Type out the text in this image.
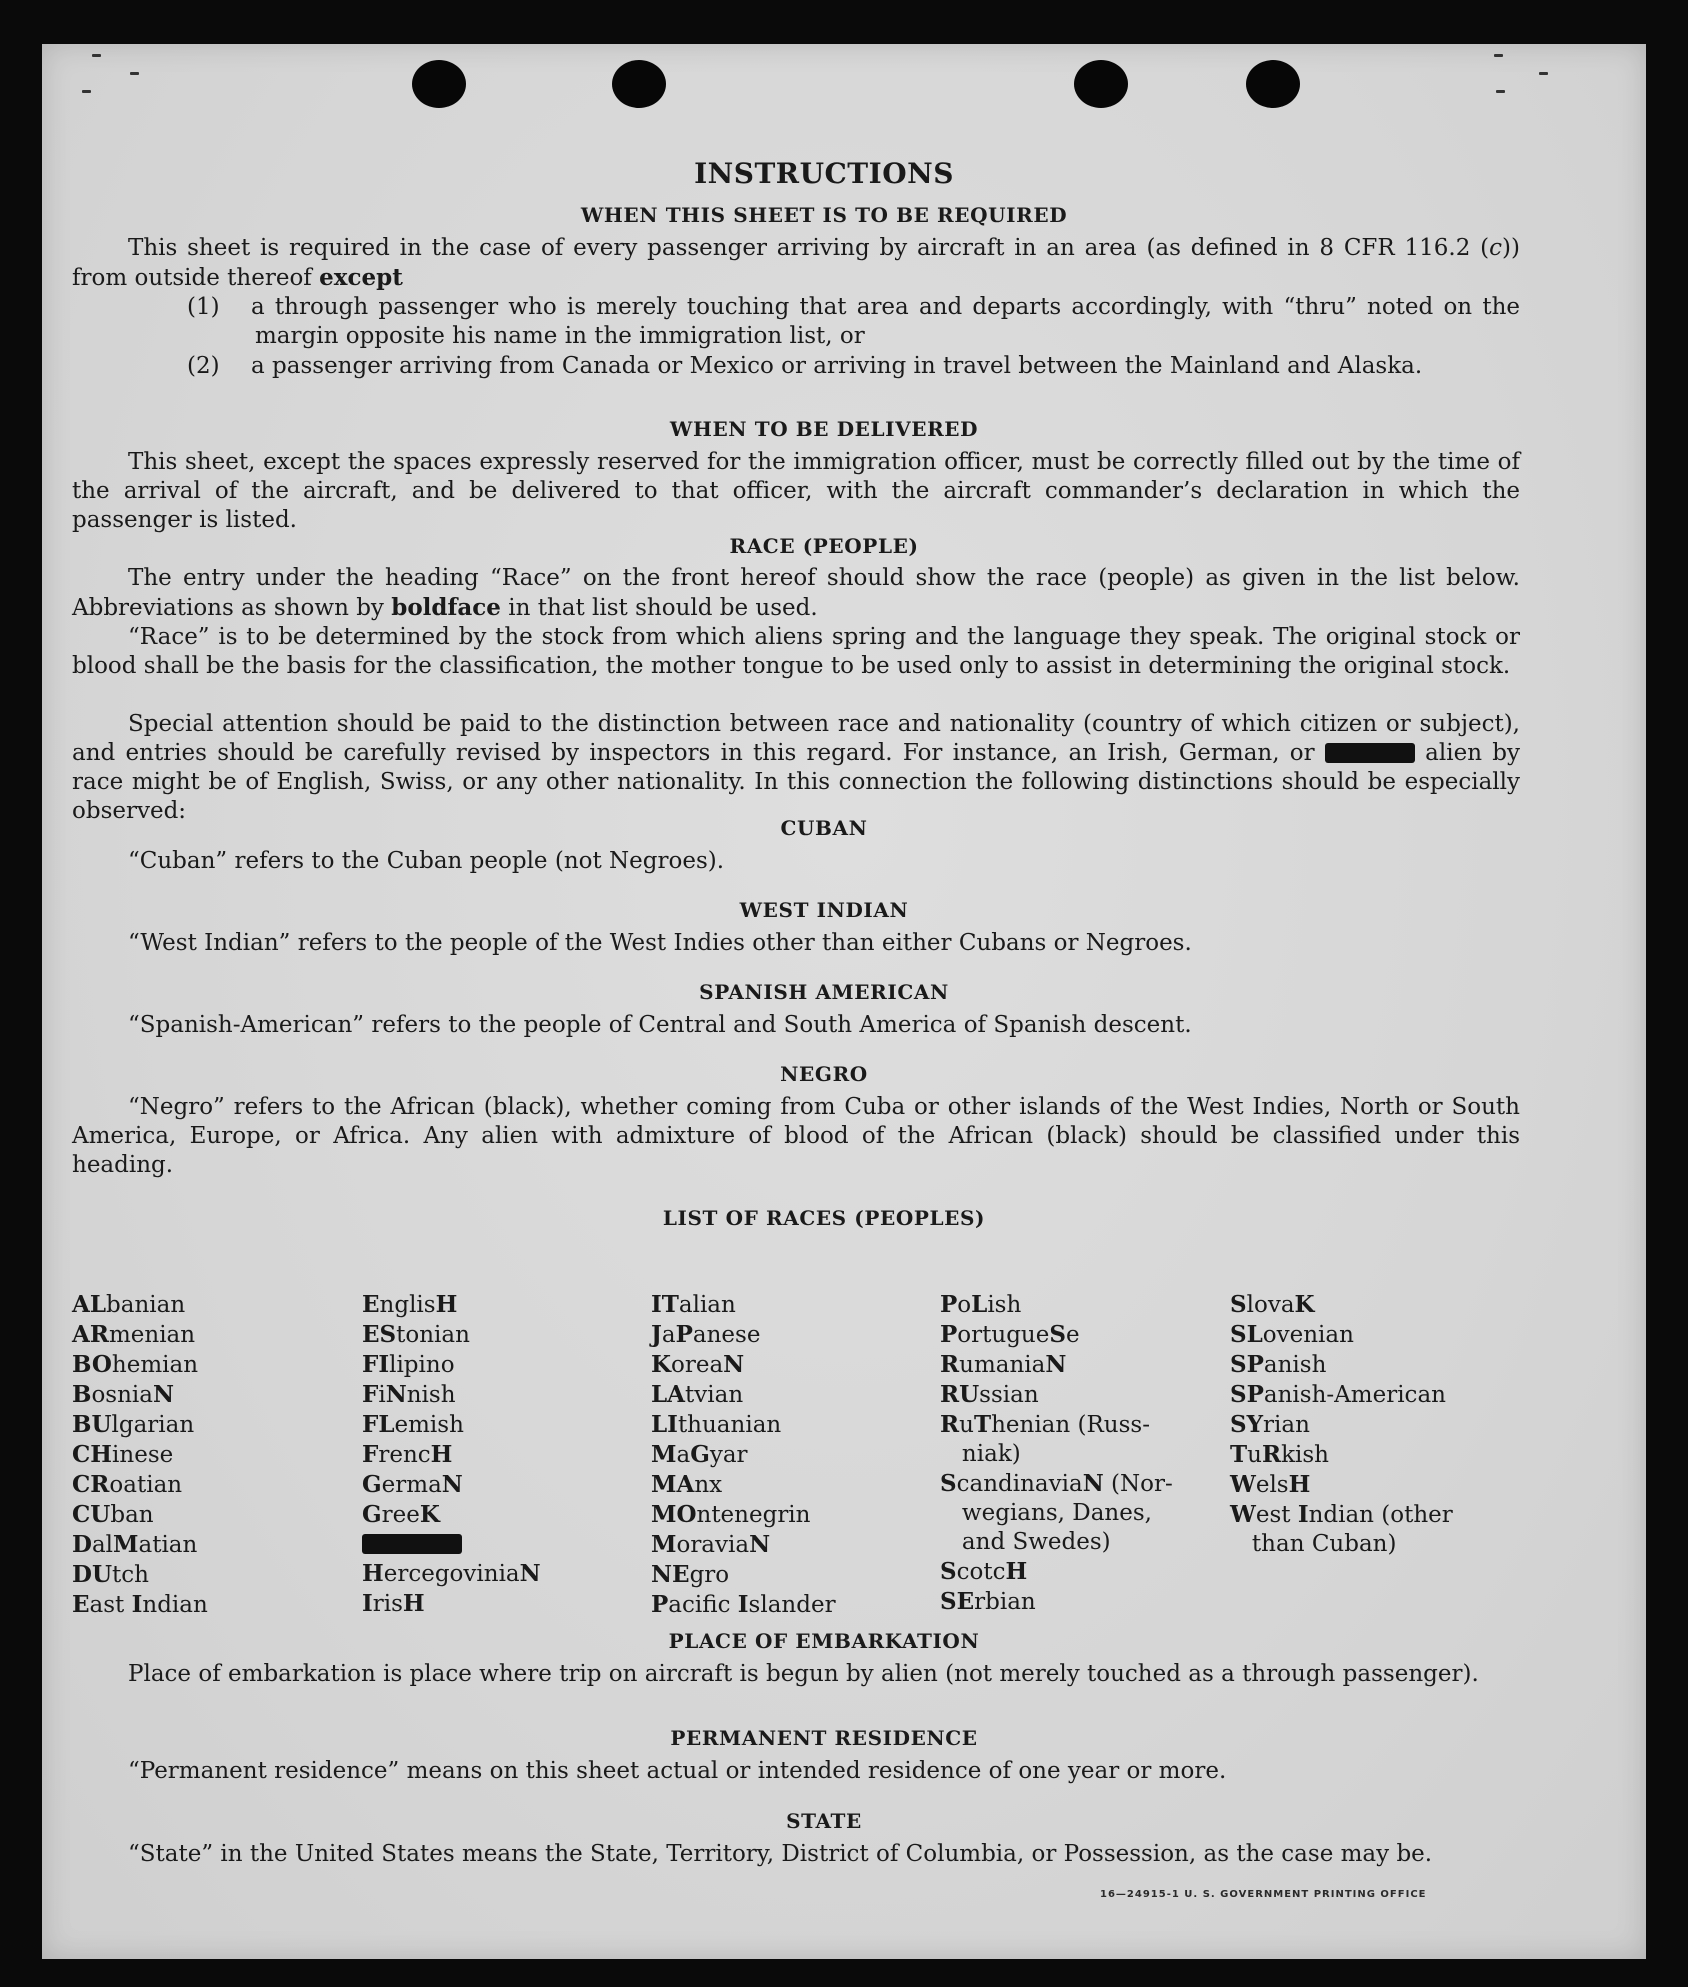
INSTRUCTIONS
WHEN THIS SHEET IS TO BE REQUIRED
This sheet is required in the case of every passenger arriving by aircraft in an area (as defined in 8 CFR 116.2 (c)) from outside thereof except
(1)	a through passenger who is merely touching that area and departs accordingly, with “thru” noted on the margin opposite his name in the immigration list, or
(2)	a passenger arriving from Canada or Mexico or arriving in travel between the Mainland and Alaska.
WHEN TO BE DELIVERED
This sheet, except the spaces expressly reserved for the immigration officer, must be correctly filled out by the time of the arrival of the aircraft, and be delivered to that officer, with the aircraft commander’s declaration in which the passenger is listed.
RACE (PEOPLE)
The entry under the heading “Race” on the front hereof should show the race (people) as given in the list below. Abbreviations as shown by boldface in that list should be used.
“Race” is to be determined by the stock from which aliens spring and the language they speak. The original stock or blood shall be the basis for the classification, the mother tongue to be used only to assist in determining the original stock.
Special attention should be paid to the distinction between race and nationality (country of which citizen or subject), and entries should be carefully revised by inspectors in this regard. For instance, an Irish, German, or	alien by race might be of English, Swiss, or any other nationality. In this connection the following distinctions should be especially observed:
CUBAN
“Cuban” refers to the Cuban people (not Negroes).
WEST INDIAN
“West Indian” refers to the people of the West Indies other than either Cubans or Negroes.
SPANISH AMERICAN
“Spanish-American” refers to the people of Central and South America of Spanish descent.
NEGRO
“Negro” refers to the African (black), whether coming from Cuba or other islands of the West Indies, North or South America, Europe, or Africa. Any alien with admixture of blood of the African (black) should be classified under this heading.
LIST OF RACES (PEOPLES)
ALbanian
ARmenian
BOhemian
BosniaN
BUlgarian
CHinese
CRoatian
CUban
DalMatian
DUtch
East Indian
EnglisH
EStonian
FIlipino
FiNnish
FLemish
FrencH
GermaN
GreeK
HercegoviniaN
IrisH
ITalian
JaPanese
KoreaN
LAtvian
LIthuanian
MaGyar
MAnx
MOntenegrin
MoraviaN
NEgro
Pacific Islander
PoLish
PortugueSe
RumaniaN
RUssian
RuThenian (Russ-
niak)
ScandinaviaN (Nor-
wegians, Danes,
and Swedes)
ScotcH
SErbian
SlovaK
SLovenian
SPanish
SPanish-American
SYrian
TuRkish
WelsH
West Indian (other
than Cuban)
PLACE OF EMBARKATION
Place of embarkation is place where trip on aircraft is begun by alien (not merely touched as a through passenger).
PERMANENT RESIDENCE
“Permanent residence” means on this sheet actual or intended residence of one year or more.
STATE
“State” in the United States means the State, Territory, District of Columbia, or Possession, as the case may be.
16—24915-1 U. S. GOVERNMENT PRINTING OFFICE
